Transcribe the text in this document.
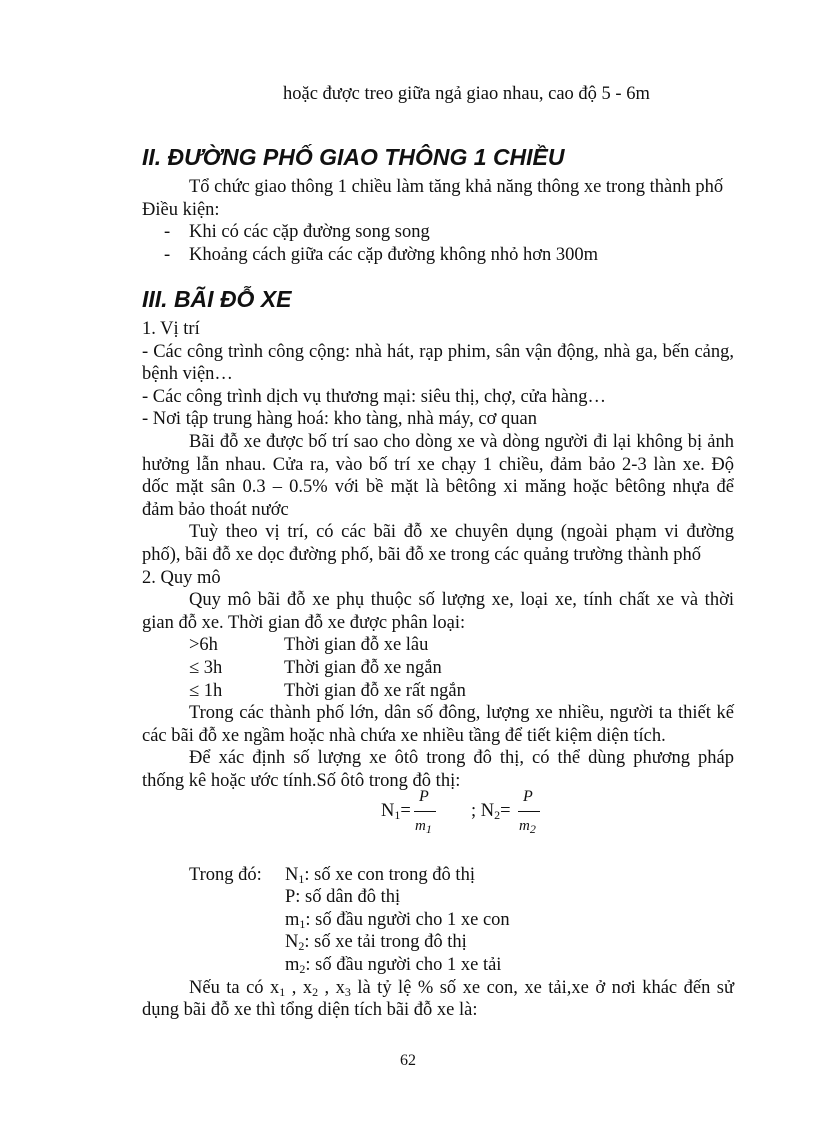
hoặc được treo giữa ngả giao nhau, cao độ 5 - 6m
II. ĐƯỜNG PHỐ GIAO THÔNG 1 CHIỀU
Tổ chức giao thông 1 chiều làm tăng khả năng thông xe trong thành phố
Điều kiện:
- Khi có các cặp đường song song
- Khoảng cách giữa các cặp đường không nhỏ hơn 300m
III. BÃI ĐỖ XE
1. Vị trí
- Các công trình công cộng: nhà hát, rạp phim, sân vận động, nhà ga, bến cảng,
bệnh viện…
- Các công trình dịch vụ thương mại: siêu thị, chợ, cửa hàng…
- Nơi tập trung hàng hoá: kho tàng, nhà máy, cơ quan
Bãi đỗ xe được bố trí sao cho dòng xe và dòng người đi lại không bị ảnh
hưởng lẫn nhau. Cửa ra, vào bố trí xe chạy 1 chiều, đảm bảo 2-3 làn xe. Độ
dốc mặt sân 0.3 – 0.5% với bề mặt là bêtông xi măng hoặc bêtông nhựa để
đảm bảo thoát nước
Tuỳ theo vị trí, có các bãi đỗ xe chuyên dụng (ngoài phạm vi đường
phố), bãi đỗ xe dọc đường phố, bãi đỗ xe trong các quảng trường thành phố
2. Quy mô
Quy mô bãi đỗ xe phụ thuộc số lượng xe, loại xe, tính chất xe và thời
gian đỗ xe. Thời gian đỗ xe được phân loại:
>6h	Thời gian đỗ xe lâu
≤ 3h	Thời gian đỗ xe ngắn
≤ 1h	Thời gian đỗ xe rất ngắn
Trong các thành phố lớn, dân số đông, lượng xe nhiều, người ta thiết kế
các bãi đỗ xe ngầm hoặc nhà chứa xe nhiều tầng để tiết kiệm diện tích.
Để xác định số lượng xe ôtô trong đô thị, có thể dùng phương pháp
thống kê hoặc ước tính.Số ôtô trong đô thị:
$N_1=$
P
$m_1$
; $N_2=$
P
$m_2$
Trong đó: $N_1$: số xe con trong đô thị
P: số dân đô thị
$m_1$: số đầu người cho 1 xe con
$N_2$: số xe tải trong đô thị
$m_2$: số đầu người cho 1 xe tải
Nếu ta có $x_1$ , $x_2$ , $x_3$ là tỷ lệ % số xe con, xe tải,xe ở nơi khác đến sử
dụng bãi đỗ xe thì tổng diện tích bãi đỗ xe là:
62
